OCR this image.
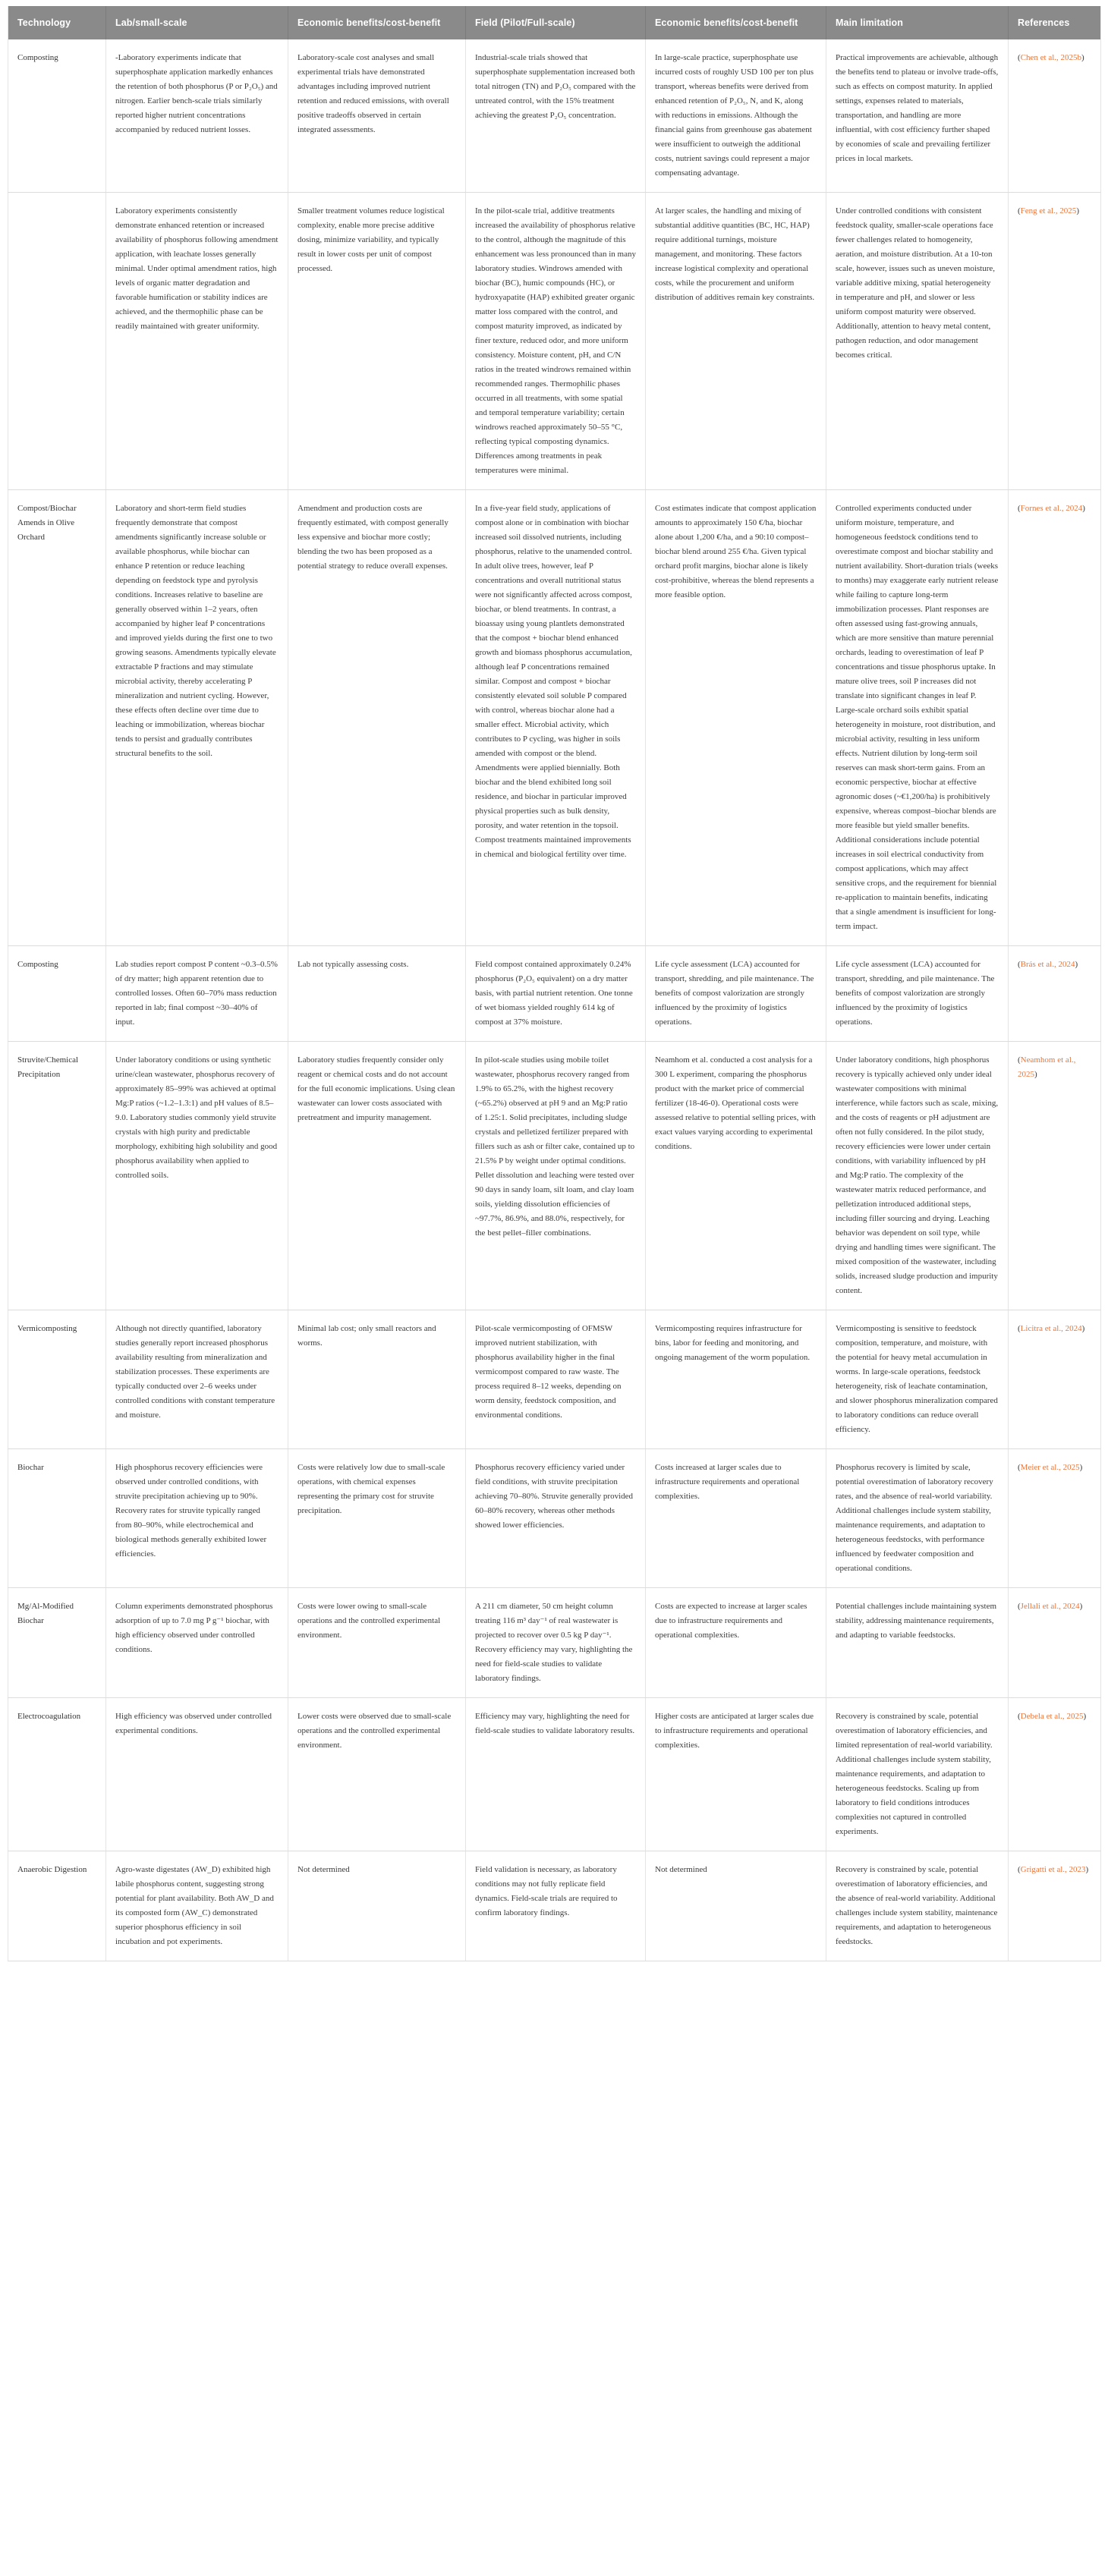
Technology	Lab/small-scale	Economic benefits/cost-benefit	Field (Pilot/Full-scale)	Economic benefits/cost-benefit	Main limitation	References
Composting	-Laboratory experiments indicate that superphosphate application markedly enhances the retention of both phosphorus (P or P₂O₅) and nitrogen. Earlier bench-scale trials similarly reported higher nutrient concentrations accompanied by reduced nutrient losses.	Laboratory-scale cost analyses and small experimental trials have demonstrated advantages including improved nutrient retention and reduced emissions, with overall positive tradeoffs observed in certain integrated assessments.	Industrial-scale trials showed that superphosphate supplementation increased both total nitrogen (TN) and P₂O₅ compared with the untreated control, with the 15% treatment achieving the greatest P₂O₅ concentration.	In large-scale practice, superphosphate use incurred costs of roughly USD 100 per ton plus transport, whereas benefits were derived from enhanced retention of P₂O₅, N, and K, along with reductions in emissions. Although the financial gains from greenhouse gas abatement were insufficient to outweigh the additional costs, nutrient savings could represent a major compensating advantage.	Practical improvements are achievable, although the benefits tend to plateau or involve trade-offs, such as effects on compost maturity. In applied settings, expenses related to materials, transportation, and handling are more influential, with cost efficiency further shaped by economies of scale and prevailing fertilizer prices in local markets.	(Chen et al., 2025b)
	Laboratory experiments consistently demonstrate enhanced retention or increased availability of phosphorus following amendment application, with leachate losses generally minimal. Under optimal amendment ratios, high levels of organic matter degradation and favorable humification or stability indices are achieved, and the thermophilic phase can be readily maintained with greater uniformity.	Smaller treatment volumes reduce logistical complexity, enable more precise additive dosing, minimize variability, and typically result in lower costs per unit of compost processed.	In the pilot-scale trial, additive treatments increased the availability of phosphorus relative to the control, although the magnitude of this enhancement was less pronounced than in many laboratory studies. Windrows amended with biochar (BC), humic compounds (HC), or hydroxyapatite (HAP) exhibited greater organic matter loss compared with the control, and compost maturity improved, as indicated by finer texture, reduced odor, and more uniform consistency. Moisture content, pH, and C/N ratios in the treated windrows remained within recommended ranges. Thermophilic phases occurred in all treatments, with some spatial and temporal temperature variability; certain windrows reached approximately 50–55 °C, reflecting typical composting dynamics. Differences among treatments in peak temperatures were minimal.	At larger scales, the handling and mixing of substantial additive quantities (BC, HC, HAP) require additional turnings, moisture management, and monitoring. These factors increase logistical complexity and operational costs, while the procurement and uniform distribution of additives remain key constraints.	Under controlled conditions with consistent feedstock quality, smaller-scale operations face fewer challenges related to homogeneity, aeration, and moisture distribution. At a 10-ton scale, however, issues such as uneven moisture, variable additive mixing, spatial heterogeneity in temperature and pH, and slower or less uniform compost maturity were observed. Additionally, attention to heavy metal content, pathogen reduction, and odor management becomes critical.	(Feng et al., 2025)
Compost/Biochar Amends in Olive Orchard	Laboratory and short-term field studies frequently demonstrate that compost amendments significantly increase soluble or available phosphorus, while biochar can enhance P retention or reduce leaching depending on feedstock type and pyrolysis conditions. Increases relative to baseline are generally observed within 1–2 years, often accompanied by higher leaf P concentrations and improved yields during the first one to two growing seasons. Amendments typically elevate extractable P fractions and may stimulate microbial activity, thereby accelerating P mineralization and nutrient cycling. However, these effects often decline over time due to leaching or immobilization, whereas biochar tends to persist and gradually contributes structural benefits to the soil.	Amendment and production costs are frequently estimated, with compost generally less expensive and biochar more costly; blending the two has been proposed as a potential strategy to reduce overall expenses.	In a five-year field study, applications of compost alone or in combination with biochar increased soil dissolved nutrients, including phosphorus, relative to the unamended control. In adult olive trees, however, leaf P concentrations and overall nutritional status were not significantly affected across compost, biochar, or blend treatments. In contrast, a bioassay using young plantlets demonstrated that the compost + biochar blend enhanced growth and biomass phosphorus accumulation, although leaf P concentrations remained similar. Compost and compost + biochar consistently elevated soil soluble P compared with control, whereas biochar alone had a smaller effect. Microbial activity, which contributes to P cycling, was higher in soils amended with compost or the blend. Amendments were applied biennially. Both biochar and the blend exhibited long soil residence, and biochar in particular improved physical properties such as bulk density, porosity, and water retention in the topsoil. Compost treatments maintained improvements in chemical and biological fertility over time.	Cost estimates indicate that compost application amounts to approximately 150 €/ha, biochar alone about 1,200 €/ha, and a 90:10 compost–biochar blend around 255 €/ha. Given typical orchard profit margins, biochar alone is likely cost-prohibitive, whereas the blend represents a more feasible option.	Controlled experiments conducted under uniform moisture, temperature, and homogeneous feedstock conditions tend to overestimate compost and biochar stability and nutrient availability. Short-duration trials (weeks to months) may exaggerate early nutrient release while failing to capture long-term immobilization processes. Plant responses are often assessed using fast-growing annuals, which are more sensitive than mature perennial orchards, leading to overestimation of leaf P concentrations and tissue phosphorus uptake. In mature olive trees, soil P increases did not translate into significant changes in leaf P. Large-scale orchard soils exhibit spatial heterogeneity in moisture, root distribution, and microbial activity, resulting in less uniform effects. Nutrient dilution by long-term soil reserves can mask short-term gains. From an economic perspective, biochar at effective agronomic doses (~€1,200/ha) is prohibitively expensive, whereas compost–biochar blends are more feasible but yield smaller benefits. Additional considerations include potential increases in soil electrical conductivity from compost applications, which may affect sensitive crops, and the requirement for biennial re-application to maintain benefits, indicating that a single amendment is insufficient for long-term impact.	(Fornes et al., 2024)
Composting	Lab studies report compost P content ~0.3–0.5% of dry matter; high apparent retention due to controlled losses. Often 60–70% mass reduction reported in lab; final compost ~30–40% of input.	Lab not typically assessing costs.	Field compost contained approximately 0.24% phosphorus (P₂O₅ equivalent) on a dry matter basis, with partial nutrient retention. One tonne of wet biomass yielded roughly 614 kg of compost at 37% moisture.	Life cycle assessment (LCA) accounted for transport, shredding, and pile maintenance. The benefits of compost valorization are strongly influenced by the proximity of logistics operations.	Life cycle assessment (LCA) accounted for transport, shredding, and pile maintenance. The benefits of compost valorization are strongly influenced by the proximity of logistics operations.	(Brás et al., 2024)
Struvite/Chemical Precipitation	Under laboratory conditions or using synthetic urine/clean wastewater, phosphorus recovery of approximately 85–99% was achieved at optimal Mg:P ratios (~1.2–1.3:1) and pH values of 8.5–9.0. Laboratory studies commonly yield struvite crystals with high purity and predictable morphology, exhibiting high solubility and good phosphorus availability when applied to controlled soils.	Laboratory studies frequently consider only reagent or chemical costs and do not account for the full economic implications. Using clean wastewater can lower costs associated with pretreatment and impurity management.	In pilot-scale studies using mobile toilet wastewater, phosphorus recovery ranged from 1.9% to 65.2%, with the highest recovery (~65.2%) observed at pH 9 and an Mg:P ratio of 1.25:1. Solid precipitates, including sludge crystals and pelletized fertilizer prepared with fillers such as ash or filter cake, contained up to 21.5% P by weight under optimal conditions. Pellet dissolution and leaching were tested over 90 days in sandy loam, silt loam, and clay loam soils, yielding dissolution efficiencies of ~97.7%, 86.9%, and 88.0%, respectively, for the best pellet–filler combinations.	Neamhom et al. conducted a cost analysis for a 300 L experiment, comparing the phosphorus product with the market price of commercial fertilizer (18-46-0). Operational costs were assessed relative to potential selling prices, with exact values varying according to experimental conditions.	Under laboratory conditions, high phosphorus recovery is typically achieved only under ideal wastewater compositions with minimal interference, while factors such as scale, mixing, and the costs of reagents or pH adjustment are often not fully considered. In the pilot study, recovery efficiencies were lower under certain conditions, with variability influenced by pH and Mg:P ratio. The complexity of the wastewater matrix reduced performance, and pelletization introduced additional steps, including filler sourcing and drying. Leaching behavior was dependent on soil type, while drying and handling times were significant. The mixed composition of the wastewater, including solids, increased sludge production and impurity content.	(Neamhom et al., 2025)
Vermicomposting	Although not directly quantified, laboratory studies generally report increased phosphorus availability resulting from mineralization and stabilization processes. These experiments are typically conducted over 2–6 weeks under controlled conditions with constant temperature and moisture.	Minimal lab cost; only small reactors and worms.	Pilot-scale vermicomposting of OFMSW improved nutrient stabilization, with phosphorus availability higher in the final vermicompost compared to raw waste. The process required 8–12 weeks, depending on worm density, feedstock composition, and environmental conditions.	Vermicomposting requires infrastructure for bins, labor for feeding and monitoring, and ongoing management of the worm population.	Vermicomposting is sensitive to feedstock composition, temperature, and moisture, with the potential for heavy metal accumulation in worms. In large-scale operations, feedstock heterogeneity, risk of leachate contamination, and slower phosphorus mineralization compared to laboratory conditions can reduce overall efficiency.	(Licitra et al., 2024)
Biochar	High phosphorus recovery efficiencies were observed under controlled conditions, with struvite precipitation achieving up to 90%. Recovery rates for struvite typically ranged from 80–90%, while electrochemical and biological methods generally exhibited lower efficiencies.	Costs were relatively low due to small-scale operations, with chemical expenses representing the primary cost for struvite precipitation.	Phosphorus recovery efficiency varied under field conditions, with struvite precipitation achieving 70–80%. Struvite generally provided 60–80% recovery, whereas other methods showed lower efficiencies.	Costs increased at larger scales due to infrastructure requirements and operational complexities.	Phosphorus recovery is limited by scale, potential overestimation of laboratory recovery rates, and the absence of real-world variability. Additional challenges include system stability, maintenance requirements, and adaptation to heterogeneous feedstocks, with performance influenced by feedwater composition and operational conditions.	(Meier et al., 2025)
Mg/Al-Modified Biochar	Column experiments demonstrated phosphorus adsorption of up to 7.0 mg P g⁻¹ biochar, with high efficiency observed under controlled conditions.	Costs were lower owing to small-scale operations and the controlled experimental environment.	A 211 cm diameter, 50 cm height column treating 116 m³ day⁻¹ of real wastewater is projected to recover over 0.5 kg P day⁻¹. Recovery efficiency may vary, highlighting the need for field-scale studies to validate laboratory findings.	Costs are expected to increase at larger scales due to infrastructure requirements and operational complexities.	Potential challenges include maintaining system stability, addressing maintenance requirements, and adapting to variable feedstocks.	(Jellali et al., 2024)
Electrocoagulation	High efficiency was observed under controlled experimental conditions.	Lower costs were observed due to small-scale operations and the controlled experimental environment.	Efficiency may vary, highlighting the need for field-scale studies to validate laboratory results.	Higher costs are anticipated at larger scales due to infrastructure requirements and operational complexities.	Recovery is constrained by scale, potential overestimation of laboratory efficiencies, and limited representation of real-world variability. Additional challenges include system stability, maintenance requirements, and adaptation to heterogeneous feedstocks. Scaling up from laboratory to field conditions introduces complexities not captured in controlled experiments.	(Debela et al., 2025)
Anaerobic Digestion	Agro-waste digestates (AW_D) exhibited high labile phosphorus content, suggesting strong potential for plant availability. Both AW_D and its composted form (AW_C) demonstrated superior phosphorus efficiency in soil incubation and pot experiments.	Not determined	Field validation is necessary, as laboratory conditions may not fully replicate field dynamics. Field-scale trials are required to confirm laboratory findings.	Not determined	Recovery is constrained by scale, potential overestimation of laboratory efficiencies, and the absence of real-world variability. Additional challenges include system stability, maintenance requirements, and adaptation to heterogeneous feedstocks.	(Grigatti et al., 2023)
